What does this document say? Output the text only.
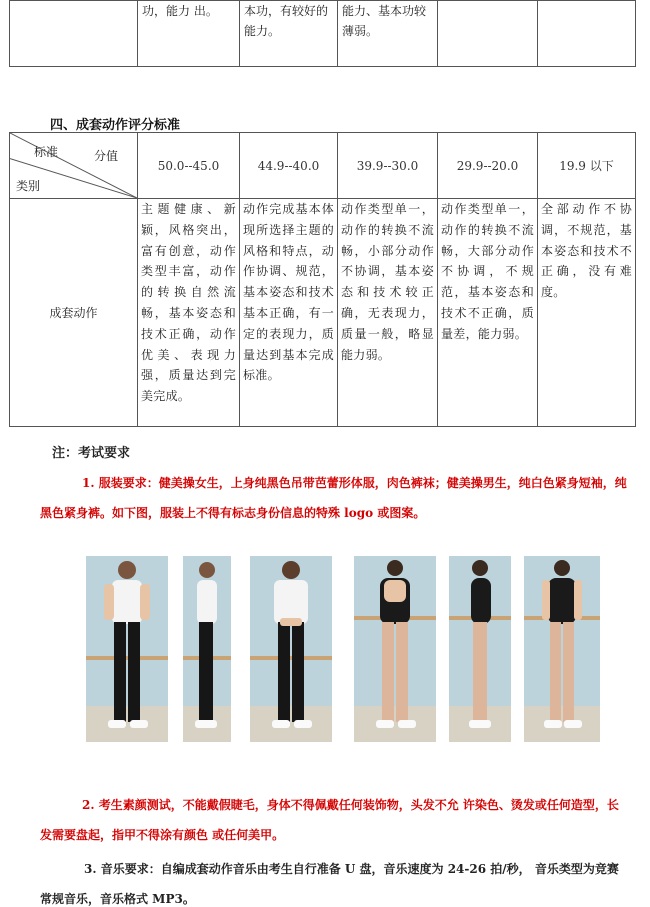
	功，能力 出。	本功，有较好的能力。	能力、基本功较薄弱。		
四、成套动作评分标准
标准 分值
类别	50.0--45.0	44.9--40.0	39.9--30.0	29.9--20.0	19.9 以下
成套动作	主题健康、新颖，风格突出，富有创意，动作类型丰富，动作的转换自然流畅，基本姿态和技术正确，动作优美、表现力强，质量达到完美完成。	动作完成基本体现所选择主题的风格和特点，动作协调、规范，基本姿态和技术基本正确，有一定的表现力，质量达到基本完成标准。	动作类型单一，动作的转换不流畅，小部分动作不协调，基本姿态和技术较正确，无表现力，质量一般，略显能力弱。	动作类型单一，动作的转换不流畅，大部分动作不协调，不规范，基本姿态和技术不正确，质量差，能力弱。	全部动作不协调，不规范，基本姿态和技术不正确，没有难度。
注：考试要求
1. 服装要求：健美操女生，上身纯黑色吊带芭蕾形体服，肉色裤袜；健美操男生，纯白色紧身短袖，纯黑色紧身裤。如下图，服装上不得有标志身份信息的特殊 logo 或图案。
2. 考生素颜测试，不能戴假睫毛，身体不得佩戴任何装饰物，头发不允 许染色、烫发或任何造型，长发需要盘起，指甲不得涂有颜色 或任何美甲。
3. 音乐要求：自编成套动作音乐由考生自行准备 U 盘，音乐速度为 24-26 拍/秒， 音乐类型为竞赛常规音乐，音乐格式 MP3。
